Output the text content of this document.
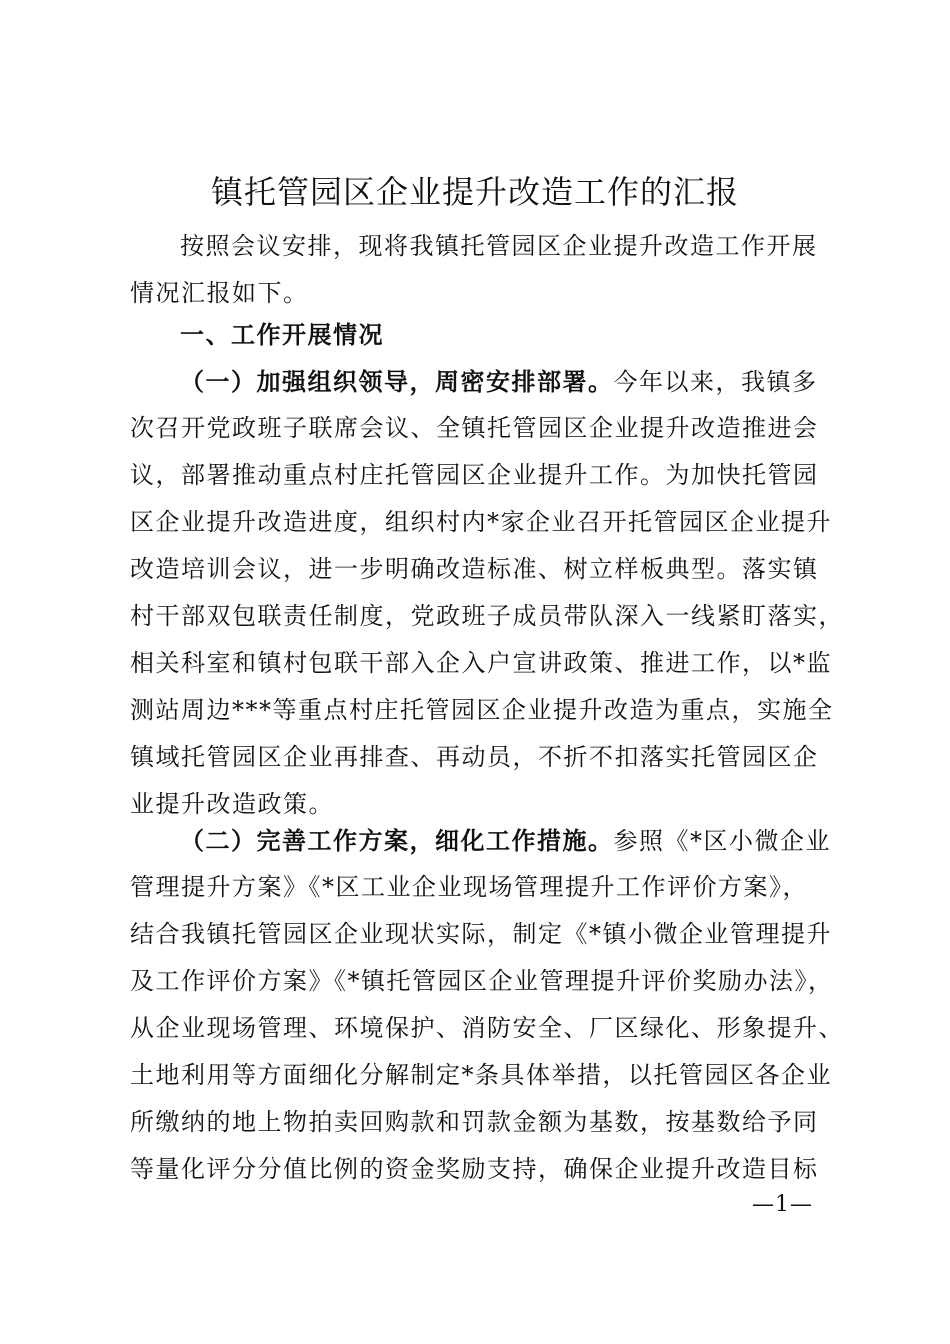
镇托管园区企业提升改造工作的汇报
按照会议安排，现将我镇托管园区企业提升改造工作开展
情况汇报如下。
一、工作开展情况
（一）加强组织领导，周密安排部署。今年以来，我镇多
次召开党政班子联席会议、全镇托管园区企业提升改造推进会
议，部署推动重点村庄托管园区企业提升工作。为加快托管园
区企业提升改造进度，组织村内*家企业召开托管园区企业提升
改造培训会议，进一步明确改造标准、树立样板典型。落实镇
村干部双包联责任制度，党政班子成员带队深入一线紧盯落实，
相关科室和镇村包联干部入企入户宣讲政策、推进工作，以*监
测站周边***等重点村庄托管园区企业提升改造为重点，实施全
镇域托管园区企业再排查、再动员，不折不扣落实托管园区企
业提升改造政策。
（二）完善工作方案，细化工作措施。参照《*区小微企业
管理提升方案》《*区工业企业现场管理提升工作评价方案》，
结合我镇托管园区企业现状实际，制定《*镇小微企业管理提升
及工作评价方案》《*镇托管园区企业管理提升评价奖励办法》，
从企业现场管理、环境保护、消防安全、厂区绿化、形象提升、
土地利用等方面细化分解制定*条具体举措，以托管园区各企业
所缴纳的地上物拍卖回购款和罚款金额为基数，按基数给予同
等量化评分分值比例的资金奖励支持，确保企业提升改造目标
—1—
